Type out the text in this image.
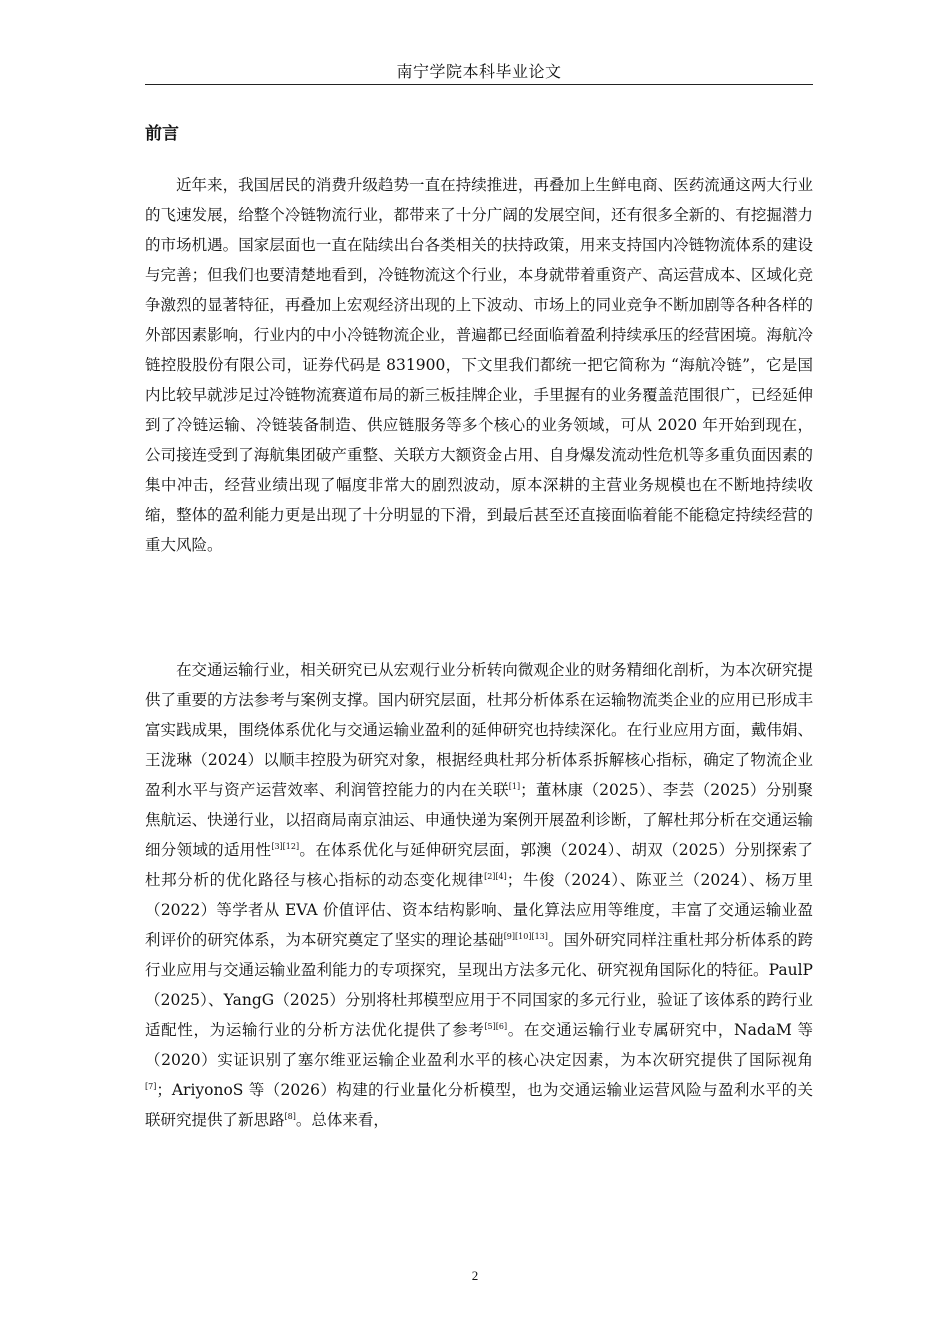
南宁学院本科毕业论文
前言

近年来，我国居民的消费升级趋势一直在持续推进，再叠加上生鲜电商、医药流通这两大行业的飞速发展，给整个冷链物流行业，都带来了十分广阔的发展空间，还有很多全新的、有挖掘潜力的市场机遇。国家层面也一直在陆续出台各类相关的扶持政策，用来支持国内冷链物流体系的建设与完善；但我们也要清楚地看到，冷链物流这个行业，本身就带着重资产、高运营成本、区域化竞争激烈的显著特征，再叠加上宏观经济出现的上下波动、市场上的同业竞争不断加剧等各种各样的外部因素影响，行业内的中小冷链物流企业，普遍都已经面临着盈利持续承压的经营困境。海航冷链控股股份有限公司，证券代码是 831900，下文里我们都统一把它简称为 “海航冷链”，它是国内比较早就涉足过冷链物流赛道布局的新三板挂牌企业，手里握有的业务覆盖范围很广，已经延伸到了冷链运输、冷链装备制造、供应链服务等多个核心的业务领域，可从 2020 年开始到现在，公司接连受到了海航集团破产重整、关联方大额资金占用、自身爆发流动性危机等多重负面因素的集中冲击，经营业绩出现了幅度非常大的剧烈波动，原本深耕的主营业务规模也在不断地持续收缩，整体的盈利能力更是出现了十分明显的下滑，到最后甚至还直接面临着能不能稳定持续经营的重大风险。

在交通运输行业，相关研究已从宏观行业分析转向微观企业的财务精细化剖析，为本次研究提供了重要的方法参考与案例支撑。国内研究层面，杜邦分析体系在运输物流类企业的应用已形成丰富实践成果，围绕体系优化与交通运输业盈利的延伸研究也持续深化。在行业应用方面，戴伟娟、王泷琳（2024）以顺丰控股为研究对象，根据经典杜邦分析体系拆解核心指标，确定了物流企业盈利水平与资产运营效率、利润管控能力的内在关联[1]；董林康（2025）、李芸（2025）分别聚焦航运、快递行业，以招商局南京油运、申通快递为案例开展盈利诊断，了解杜邦分析在交通运输细分领域的适用性[3][12]。在体系优化与延伸研究层面，郭澳（2024）、胡双（2025）分别探索了杜邦分析的优化路径与核心指标的动态变化规律[2][4]；牛俊（2024）、陈亚兰（2024）、杨万里（2022）等学者从 EVA 价值评估、资本结构影响、量化算法应用等维度，丰富了交通运输业盈利评价的研究体系，为本研究奠定了坚实的理论基础[9][10][13]。国外研究同样注重杜邦分析体系的跨行业应用与交通运输业盈利能力的专项探究，呈现出方法多元化、研究视角国际化的特征。PaulP（2025）、YangG（2025）分别将杜邦模型应用于不同国家的多元行业，验证了该体系的跨行业适配性，为运输行业的分析方法优化提供了参考[5][6]。在交通运输行业专属研究中，NadaM 等（2020）实证识别了塞尔维亚运输企业盈利水平的核心决定因素，为本次研究提供了国际视角[7]；AriyonoS 等（2026）构建的行业量化分析模型，也为交通运输业运营风险与盈利水平的关联研究提供了新思路[8]。总体来看，

2
